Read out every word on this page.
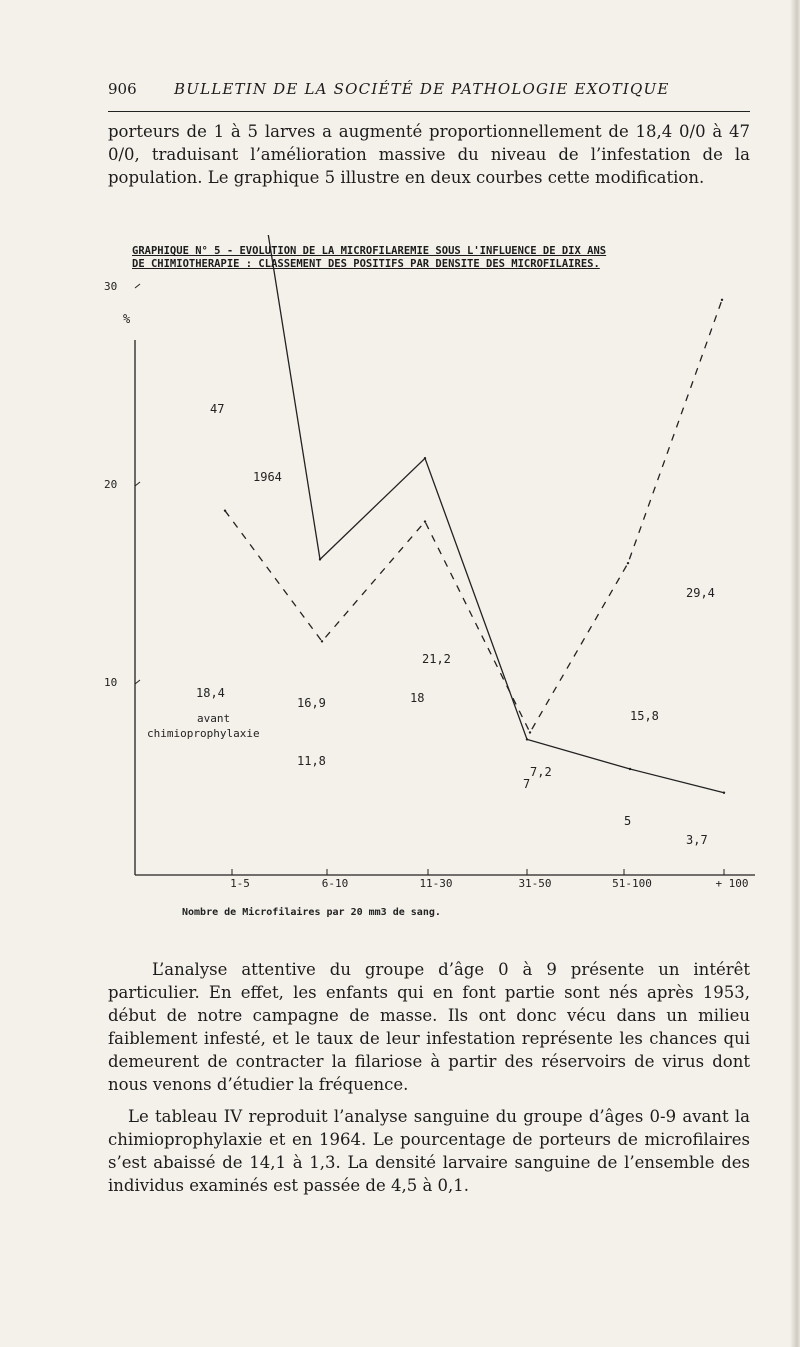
906 BULLETIN DE LA SOCIÉTÉ DE PATHOLOGIE EXOTIQUE

porteurs de 1 à 5 larves a augmenté proportionnellement de 18,4 0/0 à 47 0/0, traduisant l’amélioration massive du niveau de l’infestation de la population. Le graphique 5 illustre en deux courbes cette modification.

GRAPHIQUE N° 5 - EVOLUTION DE LA MICROFILAREMIE SOUS L'INFLUENCE DE DIX ANS
DE CHIMIOTHERAPIE : CLASSEMENT DES POSITIFS PAR DENSITE DES MICROFILAIRES.
10
20
30
%
1-5	6-10	11-30	31-50	51-100	+ 100
Nombre de Microfilaires par 20 mm3 de sang.
47
16,9
21,2
7
5
3,7
18,4
11,8
18
7,2
15,8
29,4
1964
avant
chimioprophylaxie

L’analyse attentive du groupe d’âge 0 à 9 présente un intérêt particulier. En effet, les enfants qui en font partie sont nés après 1953, début de notre campagne de masse. Ils ont donc vécu dans un milieu faiblement infesté, et le taux de leur infestation représente les chances qui demeurent de contracter la filariose à partir des réservoirs de virus dont nous venons d’étudier la fréquence.

Le tableau IV reproduit l’analyse sanguine du groupe d’âges 0-9 avant la chimioprophylaxie et en 1964. Le pourcentage de porteurs de microfilaires s’est abaissé de 14,1 à 1,3. La densité larvaire sanguine de l’ensemble des individus examinés est passée de 4,5 à 0,1.
